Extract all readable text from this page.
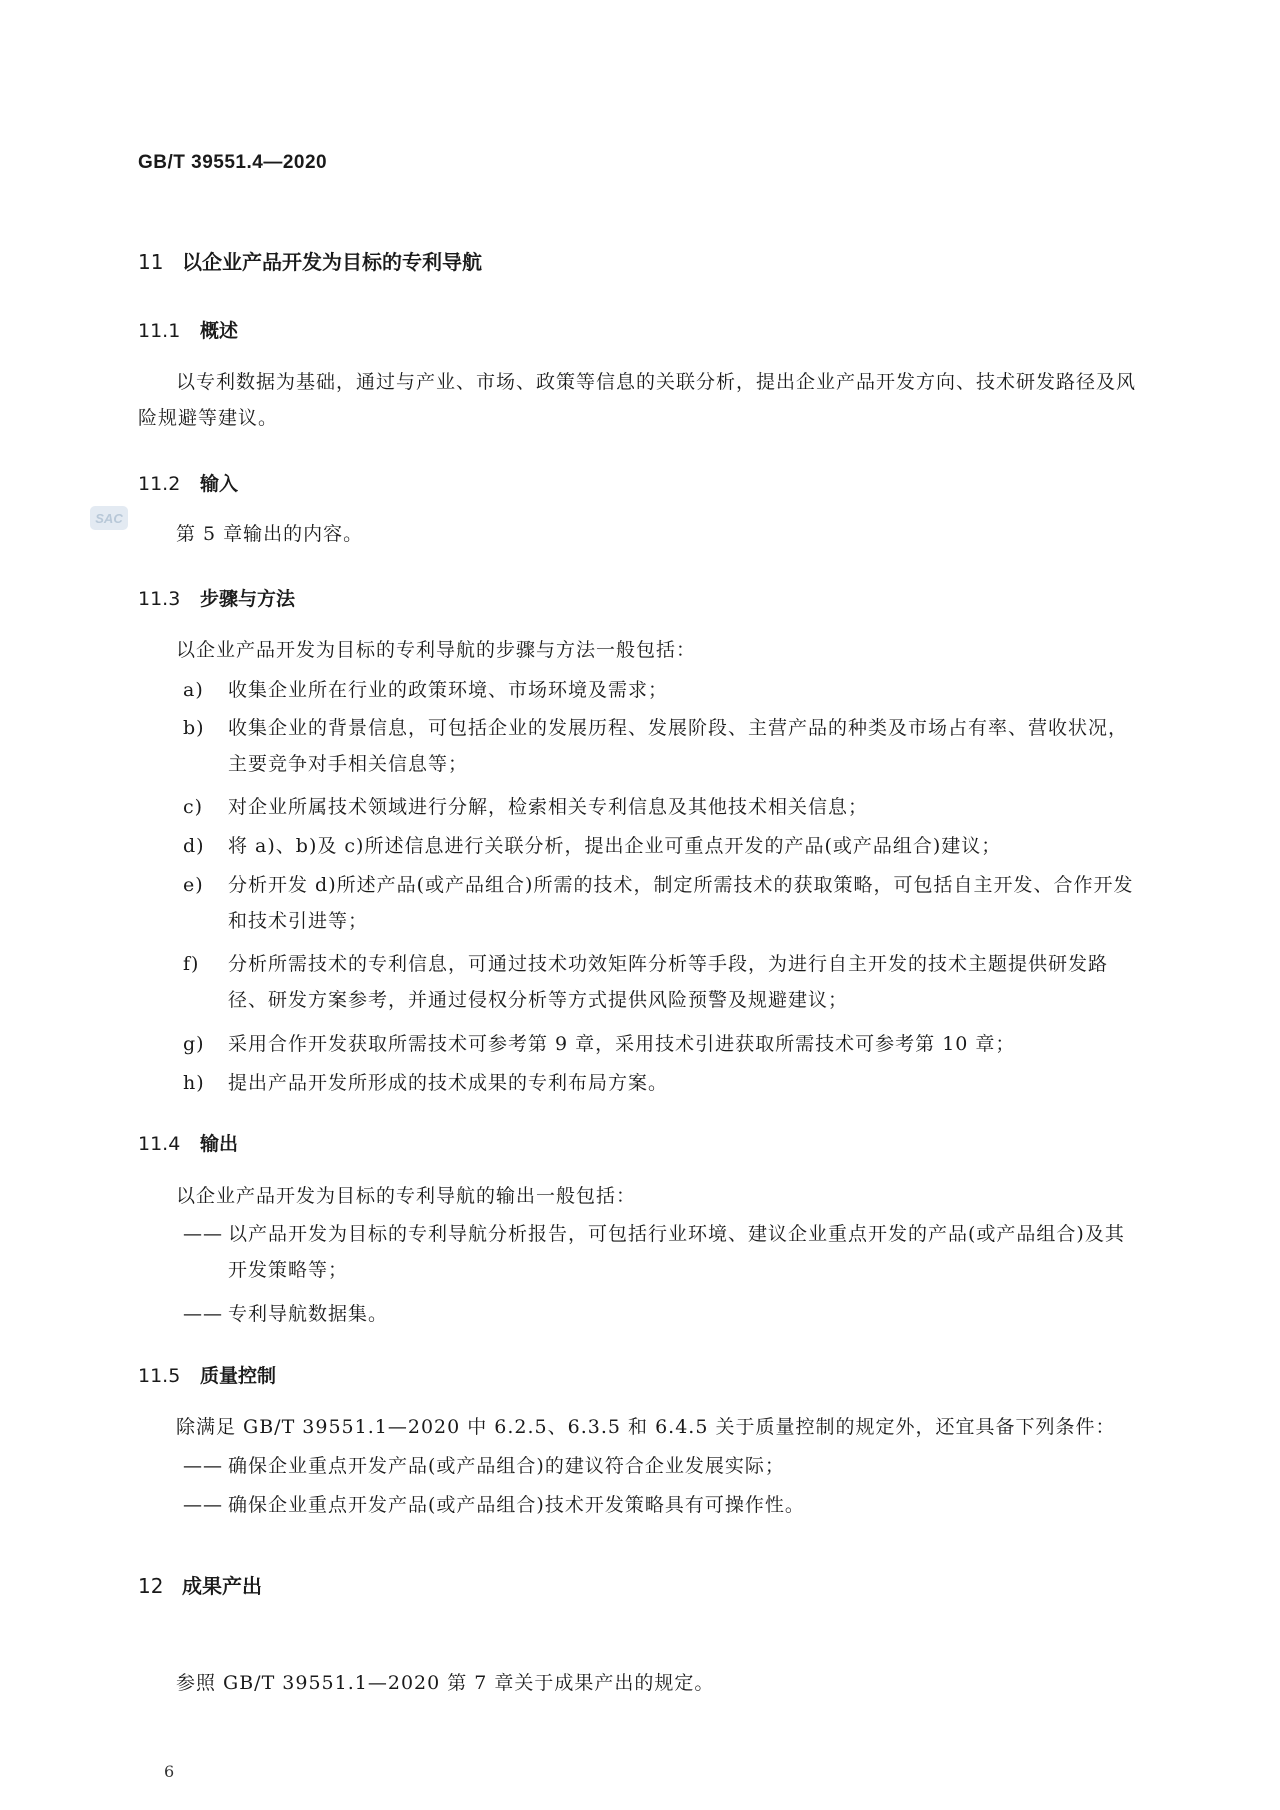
GB/T 39551.4—2020
SAC
11 以企业产品开发为目标的专利导航
11.1 概述
以专利数据为基础，通过与产业、市场、政策等信息的关联分析，提出企业产品开发方向、技术研发路径及风险规避等建议。
11.2 输入
第 5 章输出的内容。
11.3 步骤与方法
以企业产品开发为目标的专利导航的步骤与方法一般包括：
a)	收集企业所在行业的政策环境、市场环境及需求；
b)	收集企业的背景信息，可包括企业的发展历程、发展阶段、主营产品的种类及市场占有率、营收状况，主要竞争对手相关信息等；
c)	对企业所属技术领域进行分解，检索相关专利信息及其他技术相关信息；
d)	将 a)、b)及 c)所述信息进行关联分析，提出企业可重点开发的产品(或产品组合)建议；
e)	分析开发 d)所述产品(或产品组合)所需的技术，制定所需技术的获取策略，可包括自主开发、合作开发和技术引进等；
f)	分析所需技术的专利信息，可通过技术功效矩阵分析等手段，为进行自主开发的技术主题提供研发路径、研发方案参考，并通过侵权分析等方式提供风险预警及规避建议；
g)	采用合作开发获取所需技术可参考第 9 章，采用技术引进获取所需技术可参考第 10 章；
h)	提出产品开发所形成的技术成果的专利布局方案。
11.4 输出
以企业产品开发为目标的专利导航的输出一般包括：
—— 以产品开发为目标的专利导航分析报告，可包括行业环境、建议企业重点开发的产品(或产品组合)及其开发策略等；
—— 专利导航数据集。
11.5 质量控制
除满足 GB/T 39551.1—2020 中 6.2.5、6.3.5 和 6.4.5 关于质量控制的规定外，还宜具备下列条件：
—— 确保企业重点开发产品(或产品组合)的建议符合企业发展实际；
—— 确保企业重点开发产品(或产品组合)技术开发策略具有可操作性。
12 成果产出
参照 GB/T 39551.1—2020 第 7 章关于成果产出的规定。
6
